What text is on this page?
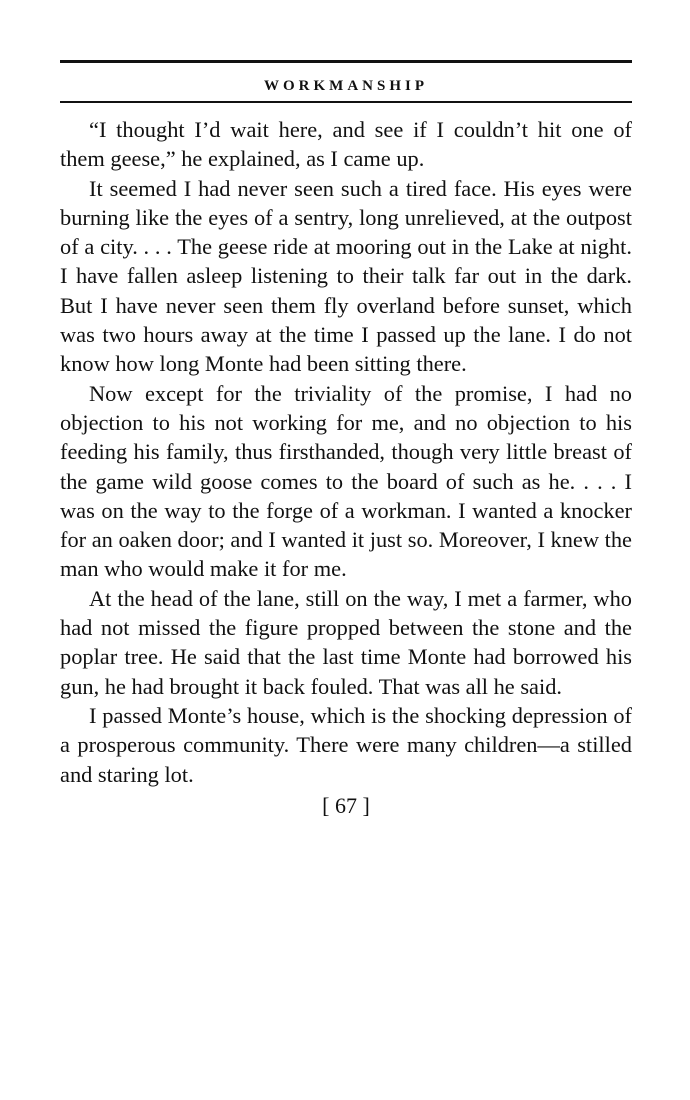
WORKMANSHIP

“I thought I’d wait here, and see if I couldn’t hit one of them geese,” he explained, as I came up.

It seemed I had never seen such a tired face. His eyes were burning like the eyes of a sentry, long unrelieved, at the outpost of a city. . . . The geese ride at mooring out in the Lake at night. I have fallen asleep listening to their talk far out in the dark. But I have never seen them fly overland before sunset, which was two hours away at the time I passed up the lane. I do not know how long Monte had been sitting there.

Now except for the triviality of the promise, I had no objection to his not working for me, and no objection to his feeding his family, thus firsthanded, though very little breast of the game wild goose comes to the board of such as he. . . . I was on the way to the forge of a workman. I wanted a knocker for an oaken door; and I wanted it just so. Moreover, I knew the man who would make it for me.

At the head of the lane, still on the way, I met a farmer, who had not missed the figure propped between the stone and the poplar tree. He said that the last time Monte had borrowed his gun, he had brought it back fouled. That was all he said.

I passed Monte’s house, which is the shocking depression of a prosperous community. There were many children—a stilled and staring lot.

[ 67 ]
